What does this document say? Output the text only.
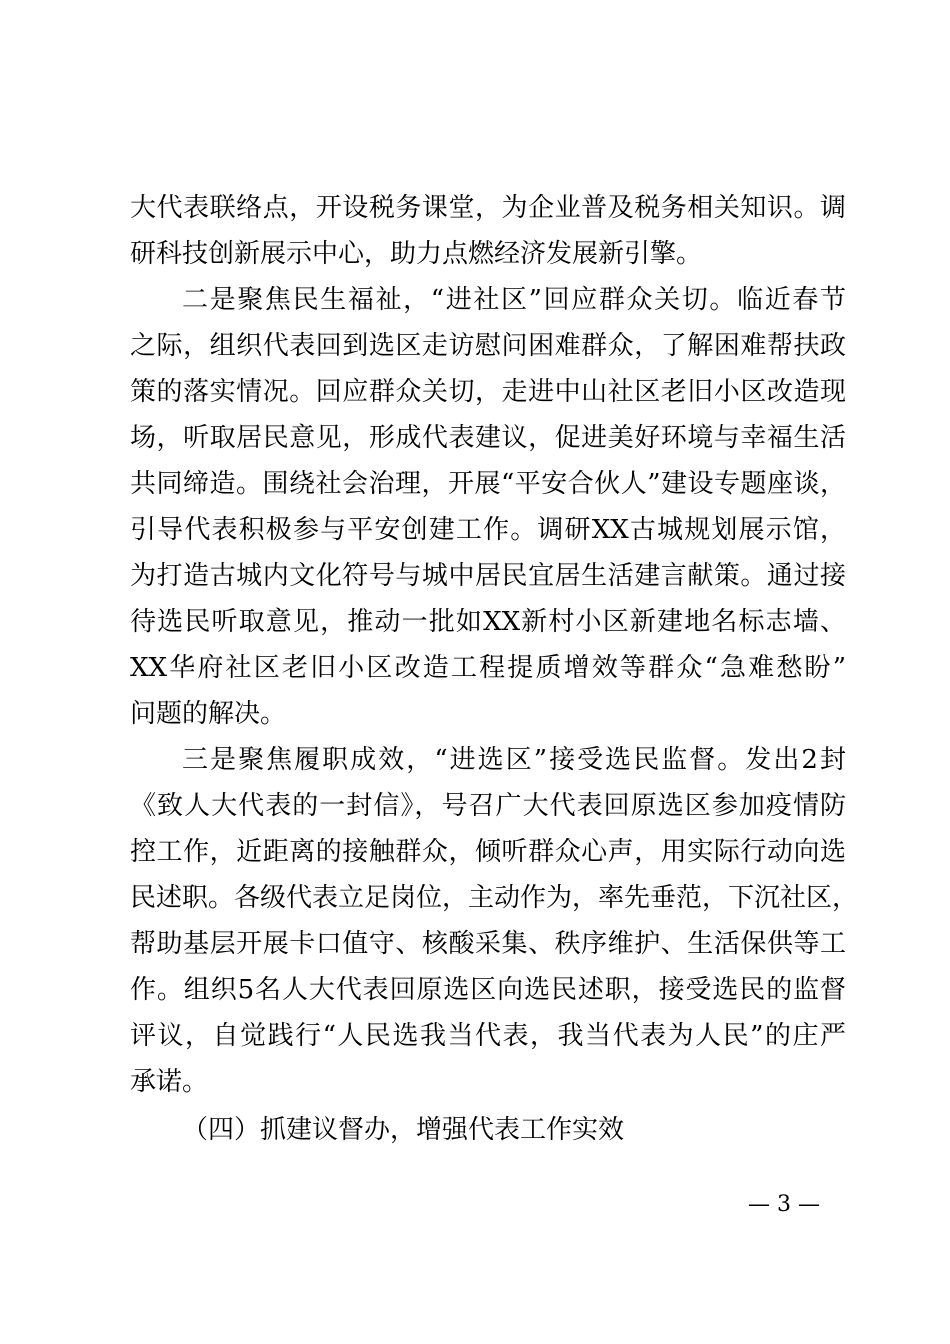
大代表联络点，开设税务课堂，为企业普及税务相关知识。调
研科技创新展示中心，助力点燃经济发展新引擎。
二是聚焦民生福祉，“进社区”回应群众关切。临近春节
之际，组织代表回到选区走访慰问困难群众，了解困难帮扶政
策的落实情况。回应群众关切，走进中山社区老旧小区改造现
场，听取居民意见，形成代表建议，促进美好环境与幸福生活
共同缔造。围绕社会治理，开展“平安合伙人”建设专题座谈，
引导代表积极参与平安创建工作。调研XX古城规划展示馆，
为打造古城内文化符号与城中居民宜居生活建言献策。通过接
待选民听取意见，推动一批如XX新村小区新建地名标志墙、
XX华府社区老旧小区改造工程提质增效等群众“急难愁盼”
问题的解决。
三是聚焦履职成效，“进选区”接受选民监督。发出2封
《致人大代表的一封信》，号召广大代表回原选区参加疫情防
控工作，近距离的接触群众，倾听群众心声，用实际行动向选
民述职。各级代表立足岗位，主动作为，率先垂范，下沉社区，
帮助基层开展卡口值守、核酸采集、秩序维护、生活保供等工
作。组织5名人大代表回原选区向选民述职，接受选民的监督
评议，自觉践行“人民选我当代表，我当代表为人民”的庄严
承诺。
（四）抓建议督办，增强代表工作实效
— 3 —
